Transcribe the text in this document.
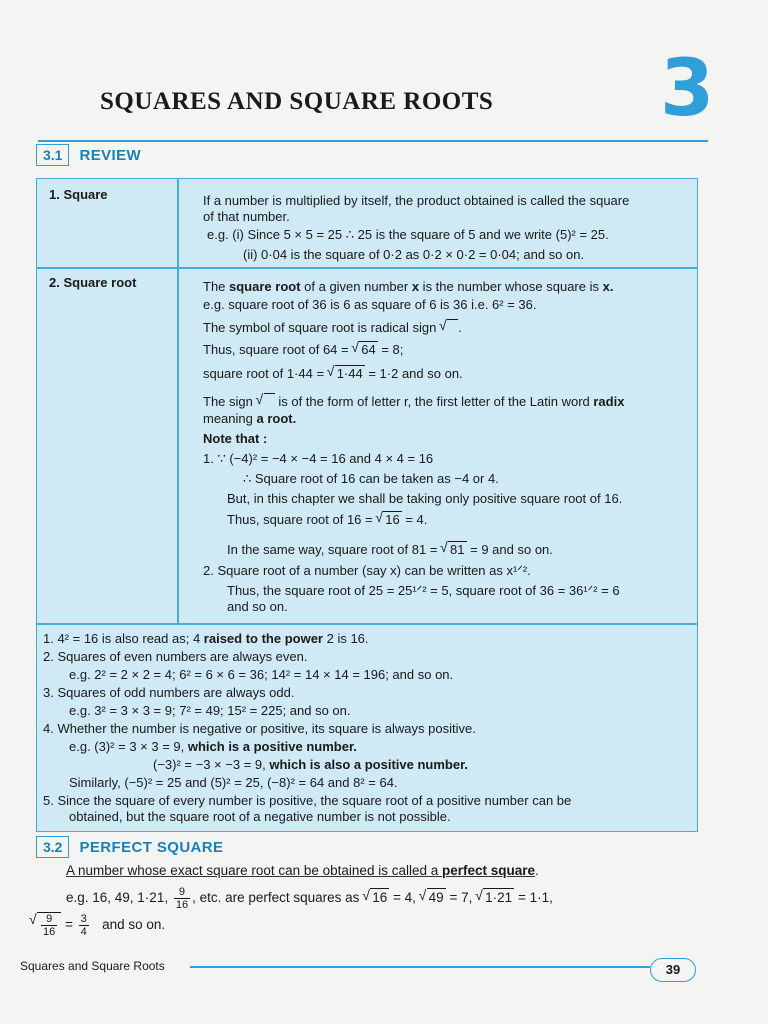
SQUARES AND SQUARE ROOTS 3
3.1	REVIEW
1. Square	If a number is multiplied by itself, the product obtained is called the square
of that number.
e.g. (i) Since 5 × 5 = 25 ∴ 25 is the square of 5 and we write (5)² = 25.
(ii) 0·04 is the square of 0·2 as 0·2 × 0·2 = 0·04; and so on.
2. Square root	The square root of a given number x is the number whose square is x.
e.g. square root of 36 is 6 as square of 6 is 36 i.e. 6² = 36.
The symbol of square root is radical sign √ .
Thus, square root of 64 = √ 64 = 8;
square root of 1·44 = √ 1·44 = 1·2 and so on.
The sign √    is of the form of letter r, the first letter of the Latin word radix
meaning a root.
Note that :
1. ∵ (−4)² = −4 × −4 = 16 and 4 × 4 = 16
∴ Square root of 16 can be taken as −4 or 4.
But, in this chapter we shall be taking only positive square root of 16.
Thus, square root of 16 = √ 16 = 4.
In the same way, square root of 81 = √ 81 = 9 and so on.
2. Square root of a number (say x) can be written as x¹ᐟ².
Thus, the square root of 25 = 25¹ᐟ² = 5, square root of 36 = 36¹ᐟ² = 6
and so on.
1. 4² = 16 is also read as; 4 raised to the power 2 is 16.
2. Squares of even numbers are always even.
e.g. 2² = 2 × 2 = 4; 6² = 6 × 6 = 36; 14² = 14 × 14 = 196; and so on.
3. Squares of odd numbers are always odd.
e.g. 3² = 3 × 3 = 9; 7² = 49; 15² = 225; and so on.
4. Whether the number is negative or positive, its square is always positive.
e.g. (3)² = 3 × 3 = 9, which is a positive number.
(−3)² = −3 × −3 = 9, which is also a positive number.
Similarly, (−5)² = 25 and (5)² = 25, (−8)² = 64 and 8² = 64.
5. Since the square of every number is positive, the square root of a positive number can be
obtained, but the square root of a negative number is not possible.
3.2	PERFECT SQUARE
A number whose exact square root can be obtained is called a perfect square.
e.g. 16, 49, 1·21, $\frac{9}{16}$ , etc. are perfect squares as √ 16 = 4, √ 49 = 7, √ 1·21 = 1·1,
√ $\frac{9}{16} = \frac{3}{4}$ and so on.
Squares and Square Roots	39
